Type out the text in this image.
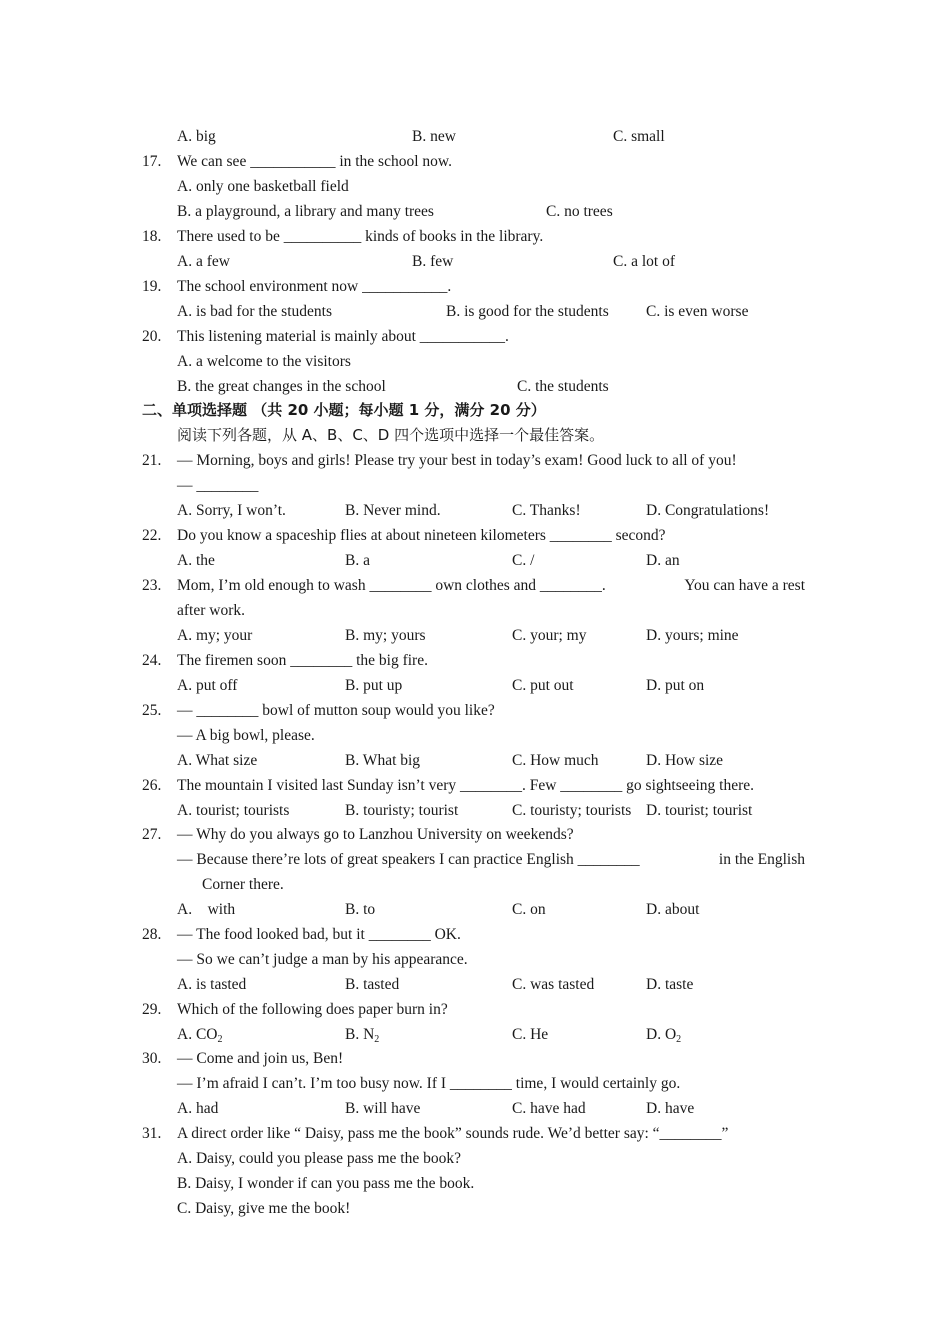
A. big

	B. new

	C. small

17.

We can see ___________ in the school now.

A. only one basketball field

B. a playground, a library and many trees

	C. no trees

18.

There used to be __________ kinds of books in the library.

A. a few

	B. few

	C. a lot of

19.

The school environment now ___________.

A. is bad for the students

	B. is good for the students

C. is even worse

20.

This listening material is mainly about ___________.

A. a welcome to the visitors

B. the great changes in the school

	C. the students

二、单项选择题 （共 20 小题；每小题 1 分，满分 20 分）

阅读下列各题，从 A、B、C、D 四个选项中选择一个最佳答案。

21.

— Morning, boys and girls! Please try your best in today’s exam! Good luck to all of you!

— ________

A. Sorry, I won’t.

	B. Never mind.

	C. Thanks!

	D. Congratulations!

22.

Do you know a spaceship flies at about nineteen kilometers ________ second?

A. the

	B. a

	C. /

	D. an

23.

Mom, I’m old enough to wash ________ own clothes and ________.

	You can have a rest

after work.

A. my; your

	B. my; yours

	C. your; my

	D. yours; mine

24.

The firemen soon ________ the big fire.

A. put off

	B. put up

	C. put out

	D. put on

25.

— ________ bowl of mutton soup would you like?

— A big bowl, please.

A. What size

	B. What big

	C. How much

	D. How size

26.

The mountain I visited last Sunday isn’t very ________. Few ________ go sightseeing there.

A. tourist; tourists

	B. touristy; tourist

	C. touristy; tourists

D. tourist; tourist

27.

— Why do you always go to Lanzhou University on weekends?

— Because there’re lots of great speakers I can practice English ________

	in the English

Corner there.

A.    with

	B. to

	C. on

	D. about

28.

— The food looked bad, but it ________ OK.

— So we can’t judge a man by his appearance.

A. is tasted

	B. tasted

	C. was tasted

	D. taste

29.

Which of the following does paper burn in?

A. $CO_2$

	B. $N_2$

	C. He

	D. $O_2$

30.

— Come and join us, Ben!

— I’m afraid I can’t. I’m too busy now. If I ________ time, I would certainly go.

A. had

	B. will have

	C. have had

	D. have

31.

A direct order like “ Daisy, pass me the book” sounds rude. We’d better say: “________”

A. Daisy, could you please pass me the book?

B. Daisy, I wonder if can you pass me the book.

C. Daisy, give me the book!
